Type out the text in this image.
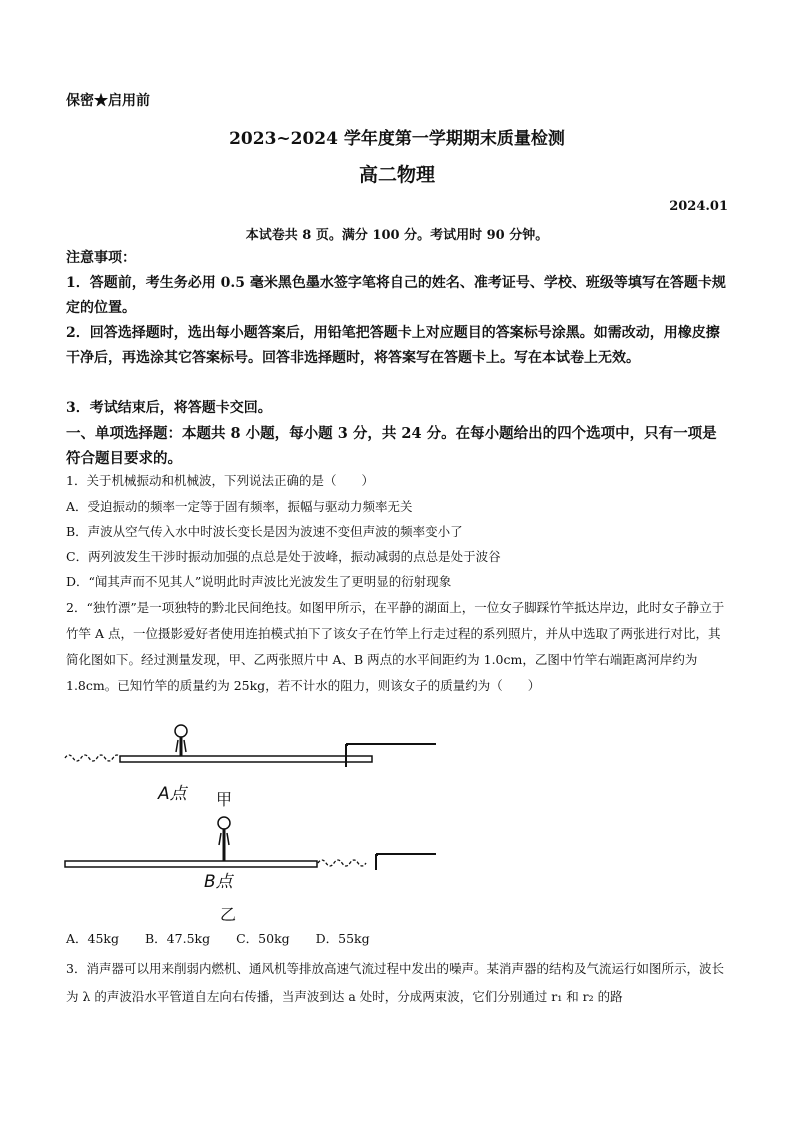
保密★启用前
2023~2024 学年度第一学期期末质量检测
高二物理
2024.01
本试卷共 8 页。满分 100 分。考试用时 90 分钟。
注意事项：
1．答题前，考生务必用 0.5 毫米黑色墨水签字笔将自己的姓名、准考证号、学校、班级等填写在答题卡规定的位置。
2．回答选择题时，选出每小题答案后，用铅笔把答题卡上对应题目的答案标号涂黑。如需改动，用橡皮擦干净后，再选涂其它答案标号。回答非选择题时，将答案写在答题卡上。写在本试卷上无效。
3．考试结束后，将答题卡交回。
一、单项选择题：本题共 8 小题，每小题 3 分，共 24 分。在每小题给出的四个选项中，只有一项是符合题目要求的。
1．关于机械振动和机械波，下列说法正确的是（　　）
A．受迫振动的频率一定等于固有频率，振幅与驱动力频率无关
B．声波从空气传入水中时波长变长是因为波速不变但声波的频率变小了
C．两列波发生干涉时振动加强的点总是处于波峰，振动减弱的点总是处于波谷
D．“闻其声而不见其人”说明此时声波比光波发生了更明显的衍射现象
2．“独竹漂”是一项独特的黔北民间绝技。如图甲所示，在平静的湖面上，一位女子脚踩竹竿抵达岸边，此时女子静立于竹竿 A 点，一位摄影爱好者使用连拍模式拍下了该女子在竹竿上行走过程的系列照片，并从中选取了两张进行对比，其简化图如下。经过测量发现，甲、乙两张照片中 A、B 两点的水平间距约为 1.0cm，乙图中竹竿右端距离河岸约为 1.8cm。已知竹竿的质量约为 25kg，若不计水的阻力，则该女子的质量约为（　　）
A点 甲
B点
乙
A．45kg B．47.5kg C．50kg D．55kg
3．消声器可以用来削弱内燃机、通风机等排放高速气流过程中发出的噪声。某消声器的结构及气流运行如图所示，波长为 λ 的声波沿水平管道自左向右传播，当声波到达 a 处时，分成两束波，它们分别通过 r₁ 和 r₂ 的路
